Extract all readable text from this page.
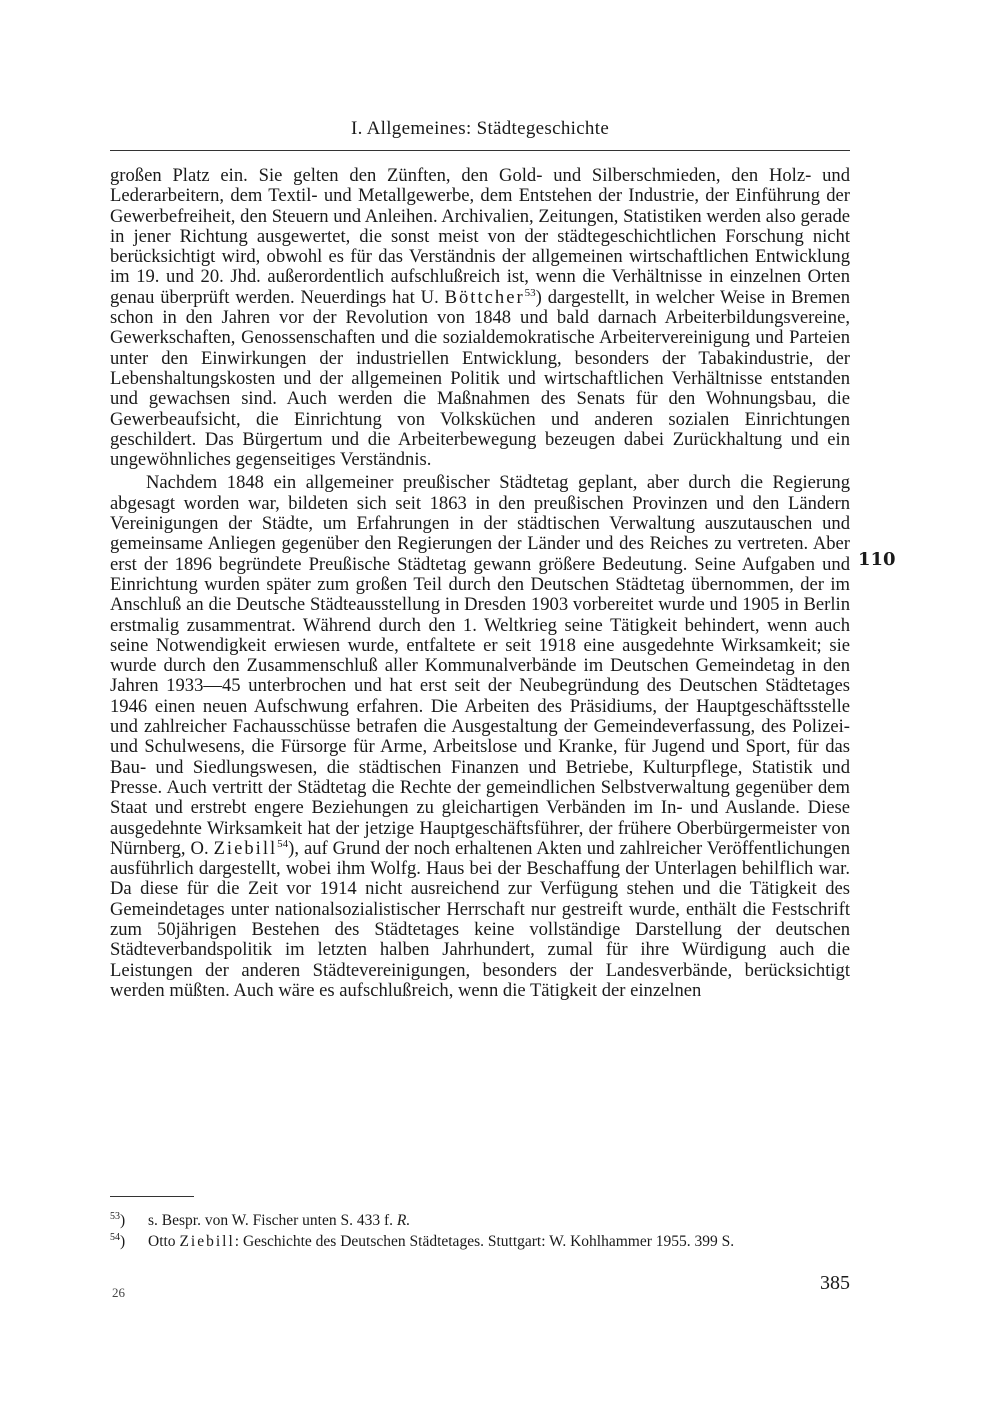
I. Allgemeines: Städtegeschichte

großen Platz ein. Sie gelten den Zünften, den Gold- und Silberschmieden, den Holz- und Lederarbeitern, dem Textil- und Metallgewerbe, dem Entstehen der Industrie, der Einführung der Gewerbefreiheit, den Steuern und Anleihen. Archivalien, Zeitungen, Statistiken werden also gerade in jener Richtung ausgewertet, die sonst meist von der städtegeschichtlichen Forschung nicht berücksichtigt wird, obwohl es für das Verständnis der allgemeinen wirtschaftlichen Entwicklung im 19. und 20. Jhd. außerordentlich aufschlußreich ist, wenn die Verhältnisse in einzelnen Orten genau überprüft werden. Neuerdings hat U. Böttcher$^{53}$) dargestellt, in welcher Weise in Bremen schon in den Jahren vor der Revolution von 1848 und bald darnach Arbeiterbildungsvereine, Gewerkschaften, Genossenschaften und die sozialdemokratische Arbeitervereinigung und Parteien unter den Einwirkungen der industriellen Entwicklung, besonders der Tabakindustrie, der Lebenshaltungskosten und der allgemeinen Politik und wirtschaftlichen Verhältnisse entstanden und gewachsen sind. Auch werden die Maßnahmen des Senats für den Wohnungsbau, die Gewerbeaufsicht, die Einrichtung von Volksküchen und anderen sozialen Einrichtungen geschildert. Das Bürgertum und die Arbeiterbewegung bezeugen dabei Zurückhaltung und ein ungewöhnliches gegenseitiges Verständnis.

Nachdem 1848 ein allgemeiner preußischer Städtetag geplant, aber durch die Regierung abgesagt worden war, bildeten sich seit 1863 in den preußischen Provinzen und den Ländern Vereinigungen der Städte, um Erfahrungen in der städtischen Verwaltung auszutauschen und gemeinsame Anliegen gegenüber den Regierungen der Länder und des Reiches zu vertreten. Aber erst der 1896 begründete Preußische Städtetag gewann größere Bedeutung. Seine Aufgaben und Einrichtung wurden später zum großen Teil durch den Deutschen Städtetag übernommen, der im Anschluß an die Deutsche Städteausstellung in Dresden 1903 vorbereitet wurde und 1905 in Berlin erstmalig zusammentrat. Während durch den 1. Weltkrieg seine Tätigkeit behindert, wenn auch seine Notwendigkeit erwiesen wurde, entfaltete er seit 1918 eine ausgedehnte Wirksamkeit; sie wurde durch den Zusammenschluß aller Kommunalverbände im Deutschen Gemeindetag in den Jahren 1933—45 unterbrochen und hat erst seit der Neubegründung des Deutschen Städtetages 1946 einen neuen Aufschwung erfahren. Die Arbeiten des Präsidiums, der Hauptgeschäftsstelle und zahlreicher Fachausschüsse betrafen die Ausgestaltung der Gemeindeverfassung, des Polizei- und Schulwesens, die Fürsorge für Arme, Arbeitslose und Kranke, für Jugend und Sport, für das Bau- und Siedlungswesen, die städtischen Finanzen und Betriebe, Kulturpflege, Statistik und Presse. Auch vertritt der Städtetag die Rechte der gemeindlichen Selbstverwaltung gegenüber dem Staat und erstrebt engere Beziehungen zu gleichartigen Verbänden im In- und Auslande. Diese ausgedehnte Wirksamkeit hat der jetzige Hauptgeschäftsführer, der frühere Oberbürgermeister von Nürnberg, O. Ziebill$^{54}$), auf Grund der noch erhaltenen Akten und zahlreicher Veröffentlichungen ausführlich dargestellt, wobei ihm Wolfg. Haus bei der Beschaffung der Unterlagen behilflich war. Da diese für die Zeit vor 1914 nicht ausreichend zur Verfügung stehen und die Tätigkeit des Gemeindetages unter nationalsozialistischer Herrschaft nur gestreift wurde, enthält die Festschrift zum 50jährigen Bestehen des Städtetages keine vollständige Darstellung der deutschen Städteverbandspolitik im letzten halben Jahrhundert, zumal für ihre Würdigung auch die Leistungen der anderen Städtevereinigungen, besonders der Landesverbände, berücksichtigt werden müßten. Auch wäre es aufschlußreich, wenn die Tätigkeit der einzelnen

110
$^{53}$)	s. Bespr. von W. Fischer unten S. 433 f. R.
$^{54}$)	Otto Ziebill: Geschichte des Deutschen Städtetages. Stuttgart: W. Kohlhammer 1955. 399 S.
26	385
